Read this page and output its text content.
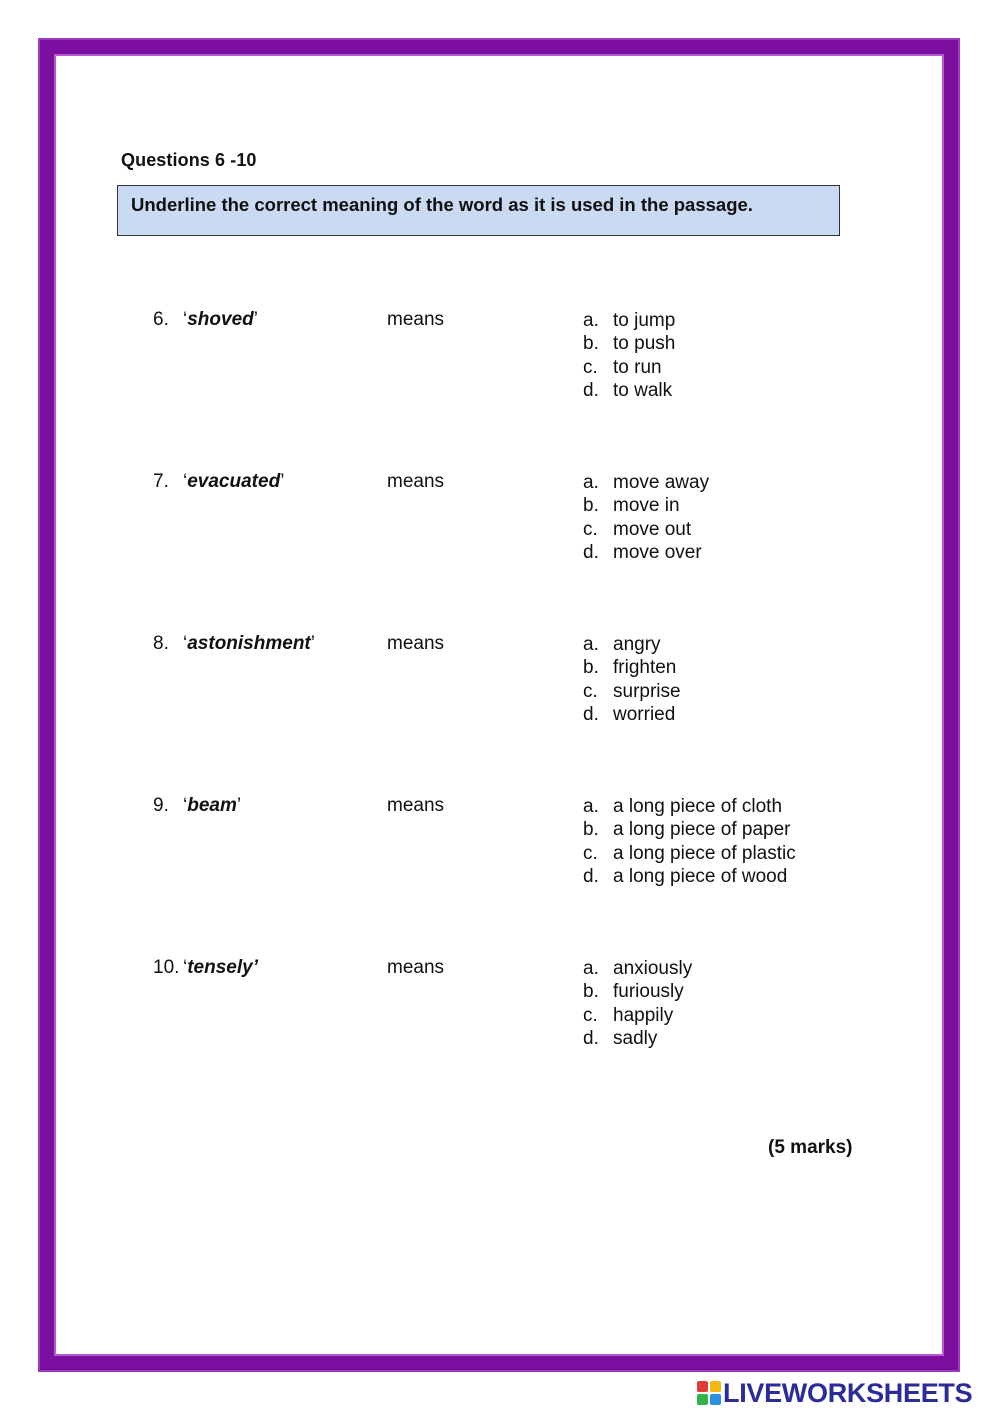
Questions 6 -10
Underline the correct meaning of the word as it is used in the passage.
6. ‘shoved’	means	a. to jump
b. to push
c. to run
d. to walk
7. ‘evacuated’	means	a. move away
b. move in
c. move out
d. move over
8. ‘astonishment’	means	a. angry
b. frighten
c. surprise
d. worried
9. ‘beam’	means	a. a long piece of cloth
b. a long piece of paper
c. a long piece of plastic
d. a long piece of wood
10. ‘tensely’	means	a. anxiously
b. furiously
c. happily
d. sadly
(5 marks)
LIVEWORKSHEETS
